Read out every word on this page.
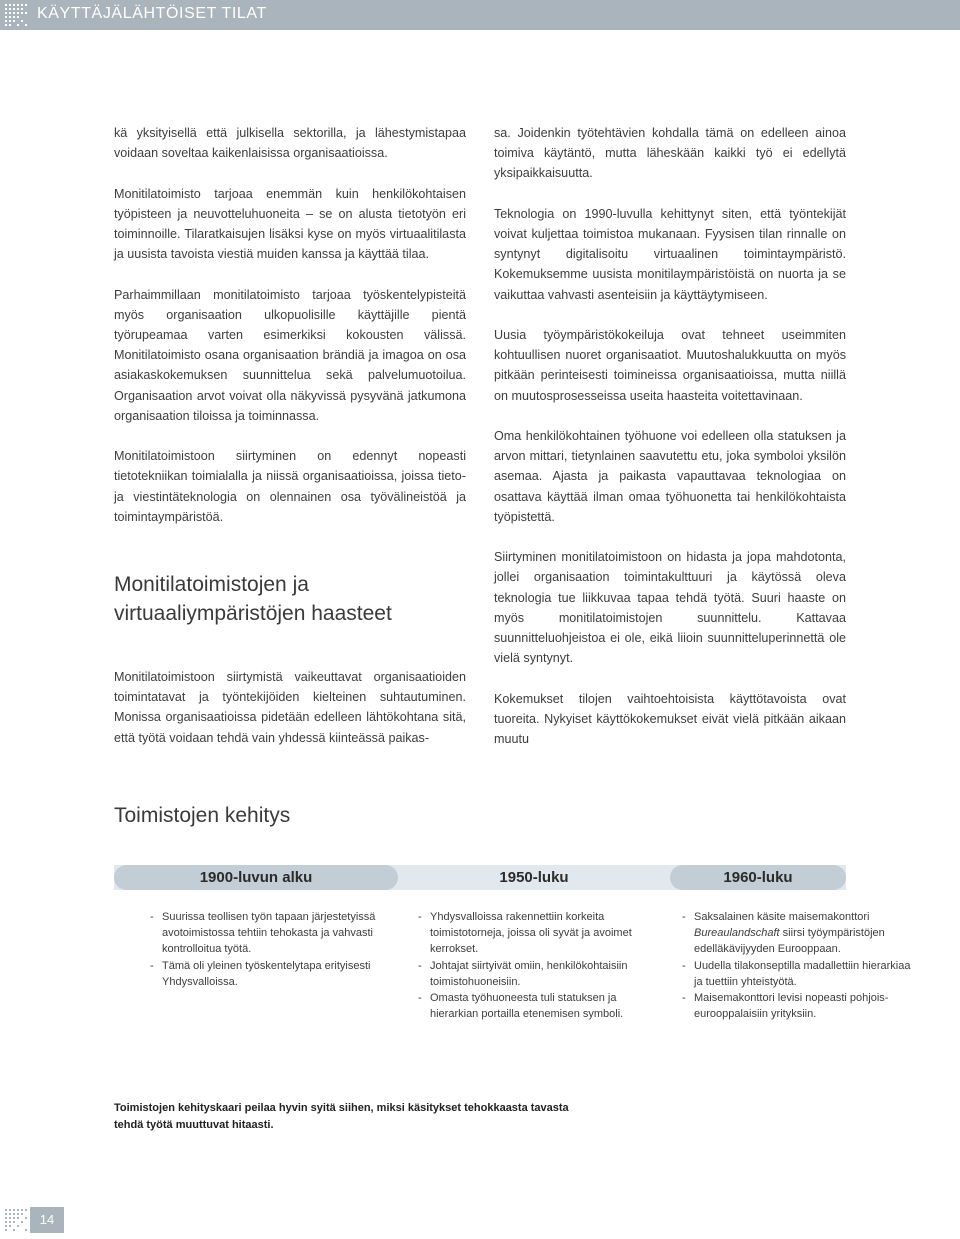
KÄYTTÄJÄLÄHTÖISET TILAT

kä yksityisellä että julkisella sektorilla, ja lähestymistapaa voidaan soveltaa kaikenlaisissa organisaatioissa.

Monitilatoimisto tarjoaa enemmän kuin henkilökohtaisen työpisteen ja neuvotteluhuoneita – se on alusta tietotyön eri toiminnoille. Tilaratkaisujen lisäksi kyse on myös virtuaalitilasta ja uusista tavoista viestiä muiden kanssa ja käyttää tilaa.

Parhaimmillaan monitilatoimisto tarjoaa työskentelypisteitä myös organisaation ulkopuolisille käyttäjille pientä työrupeamaa varten esimerkiksi kokousten välissä. Monitilatoimisto osana organisaation brändiä ja imagoa on osa asiakaskokemuksen suunnittelua sekä palvelumuotoilua. Organisaation arvot voivat olla näkyvissä pysyvänä jatkumona organisaation tiloissa ja toiminnassa.

Monitilatoimistoon siirtyminen on edennyt nopeasti tietotekniikan toimialalla ja niissä organisaatioissa, joissa tieto- ja viestintäteknologia on olennainen osa työvälineistöä ja toimintaympäristöä.

Monitilatoimistojen ja virtuaaliympäristöjen haasteet

Monitilatoimistoon siirtymistä vaikeuttavat organisaatioiden toimintatavat ja työntekijöiden kielteinen suhtautuminen. Monissa organisaatioissa pidetään edelleen lähtökohtana sitä, että työtä voidaan tehdä vain yhdessä kiinteässä paikas-

sa. Joidenkin työtehtävien kohdalla tämä on edelleen ainoa toimiva käytäntö, mutta läheskään kaikki työ ei edellytä yksipaikkaisuutta.

Teknologia on 1990-luvulla kehittynyt siten, että työntekijät voivat kuljettaa toimistoa mukanaan. Fyysisen tilan rinnalle on syntynyt digitalisoitu virtuaalinen toimintaympäristö. Kokemuksemme uusista monitilaympäristöistä on nuorta ja se vaikuttaa vahvasti asenteisiin ja käyttäytymiseen.

Uusia työympäristökokeiluja ovat tehneet useimmiten kohtuullisen nuoret organisaatiot. Muutoshalukkuutta on myös pitkään perinteisesti toimineissa organisaatioissa, mutta niillä on muutosprosesseissa useita haasteita voitettavinaan.

Oma henkilökohtainen työhuone voi edelleen olla statuksen ja arvon mittari, tietynlainen saavutettu etu, joka symboloi yksilön asemaa. Ajasta ja paikasta vapauttavaa teknologiaa on osattava käyttää ilman omaa työhuonetta tai henkilökohtaista työpistettä.

Siirtyminen monitilatoimistoon on hidasta ja jopa mahdotonta, jollei organisaation toimintakulttuuri ja käytössä oleva teknologia tue liikkuvaa tapaa tehdä työtä. Suuri haaste on myös monitilatoimistojen suunnittelu. Kattavaa suunnitteluohjeistoa ei ole, eikä liioin suunnitteluperinnettä ole vielä syntynyt.

Kokemukset tilojen vaihtoehtoisista käyttötavoista ovat tuoreita. Nykyiset käyttökokemukset eivät vielä pitkään aikaan muutu

Toimistojen kehitys
1900-luvun alku	1950-luku	1960-luku
- Suurissa teollisen työn tapaan järjestetyissä avotoimistossa tehtiin tehokasta ja vahvasti kontrolloitua työtä.
- Tämä oli yleinen työskentelytapa erityisesti Yhdysvalloissa.
- Yhdysvalloissa rakennettiin korkeita toimistotorneja, joissa oli syvät ja avoimet kerrokset.
- Johtajat siirtyivät omiin, henkilökohtaisiin toimistohuoneisiin.
- Omasta työhuoneesta tuli statuksen ja hierarkian portailla etenemisen symboli.
- Saksalainen käsite maisemakonttori Bureaulandschaft siirsi työympäristöjen edelläkävijyyden Eurooppaan.
- Uudella tilakonseptilla madallettiin hierarkiaa ja tuettiin yhteistyötä.
- Maisemakonttori levisi nopeasti pohjois-eurooppalaisiin yrityksiin.
Toimistojen kehityskaari peilaa hyvin syitä siihen, miksi käsitykset tehokkaasta tavasta tehdä työtä muuttuvat hitaasti.
14
